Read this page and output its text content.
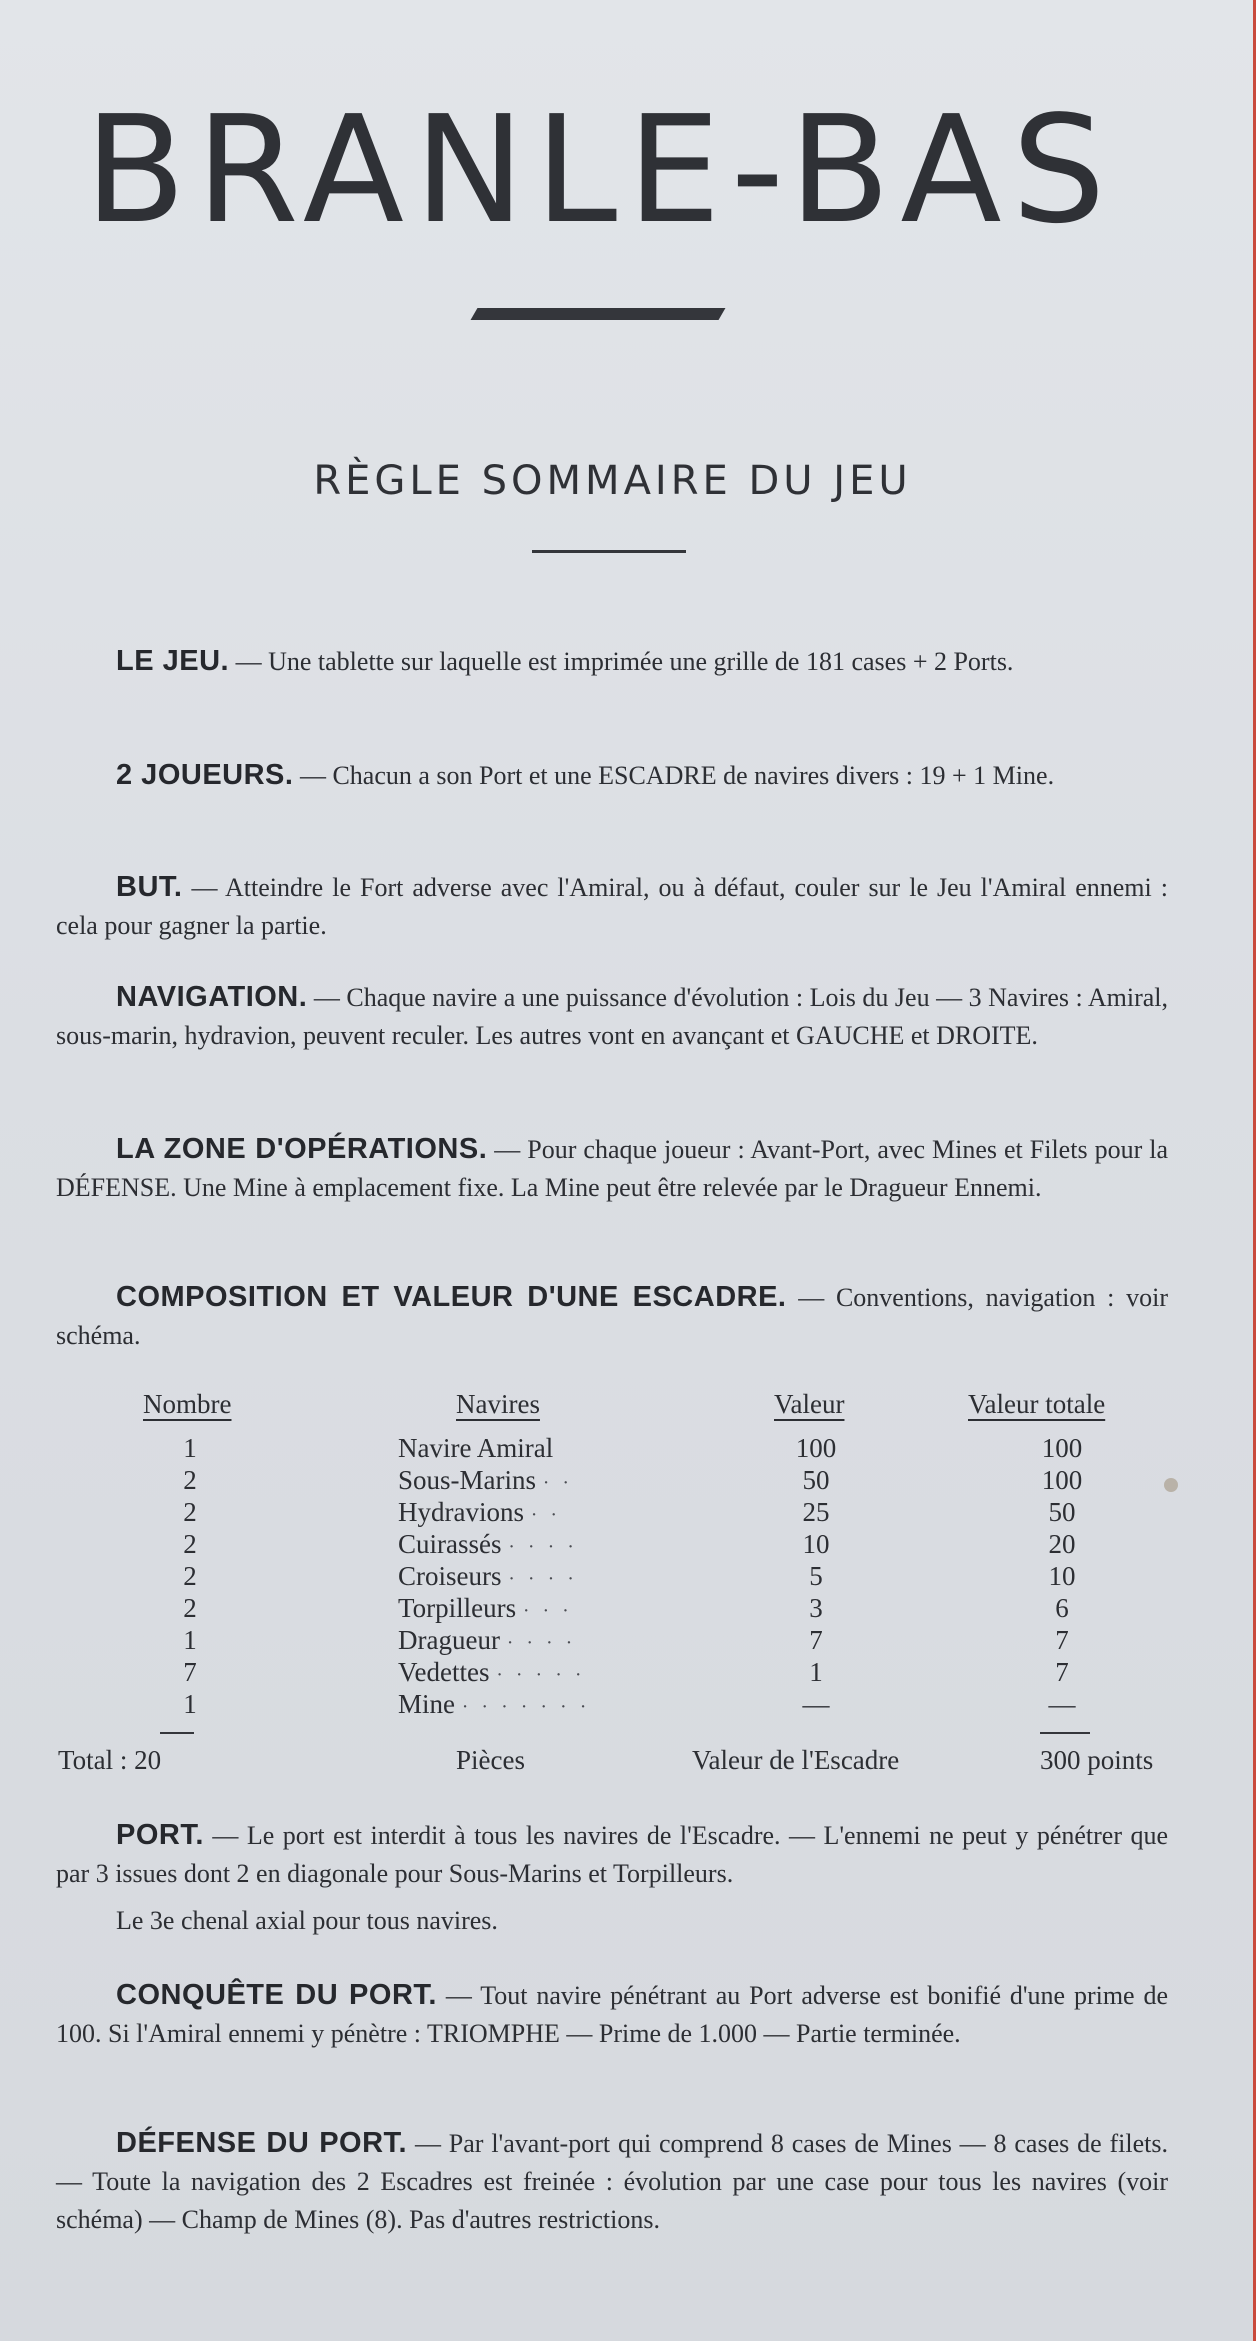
BRANLE-BAS
RÈGLE SOMMAIRE DU JEU

LE JEU. — Une tablette sur laquelle est imprimée une grille de 181 cases + 2 Ports.

2 JOUEURS. — Chacun a son Port et une ESCADRE de navires divers : 19 + 1 Mine.

BUT. — Atteindre le Fort adverse avec l'Amiral, ou à défaut, couler sur le Jeu l'Amiral ennemi : cela pour gagner la partie.

NAVIGATION. — Chaque navire a une puissance d'évolution : Lois du Jeu — 3 Navires : Amiral, sous-marin, hydravion, peuvent reculer. Les autres vont en avançant et GAUCHE et DROITE.

LA ZONE D'OPÉRATIONS. — Pour chaque joueur : Avant-Port, avec Mines et Filets pour la DÉFENSE. Une Mine à emplacement fixe. La Mine peut être relevée par le Dragueur Ennemi.

COMPOSITION ET VALEUR D'UNE ESCADRE. — Conventions, navigation : voir schéma.

Nombre	Navires	Valeur	Valeur totale
1	Navire Amiral	100	100
2	Sous-Marins · ·	50	100
2	Hydravions · ·	25	50
2	Cuirassés · · · ·	10	20
2	Croiseurs · · · ·	5	10
2	Torpilleurs · · ·	3	6
1	Dragueur · · · ·	7	7
7	Vedettes · · · · ·	1	7
1	Mine · · · · · · ·	—	—
Total : 20	Pièces	Valeur de l'Escadre	300 points

PORT. — Le port est interdit à tous les navires de l'Escadre. — L'ennemi ne peut y pénétrer que par 3 issues dont 2 en diagonale pour Sous-Marins et Torpilleurs.

Le 3e chenal axial pour tous navires.

CONQUÊTE DU PORT. — Tout navire pénétrant au Port adverse est bonifié d'une prime de 100. Si l'Amiral ennemi y pénètre : TRIOMPHE — Prime de 1.000 — Partie terminée.

DÉFENSE DU PORT. — Par l'avant-port qui comprend 8 cases de Mines — 8 cases de filets. — Toute la navigation des 2 Escadres est freinée : évolution par une case pour tous les navires (voir schéma) — Champ de Mines (8). Pas d'autres restrictions.
